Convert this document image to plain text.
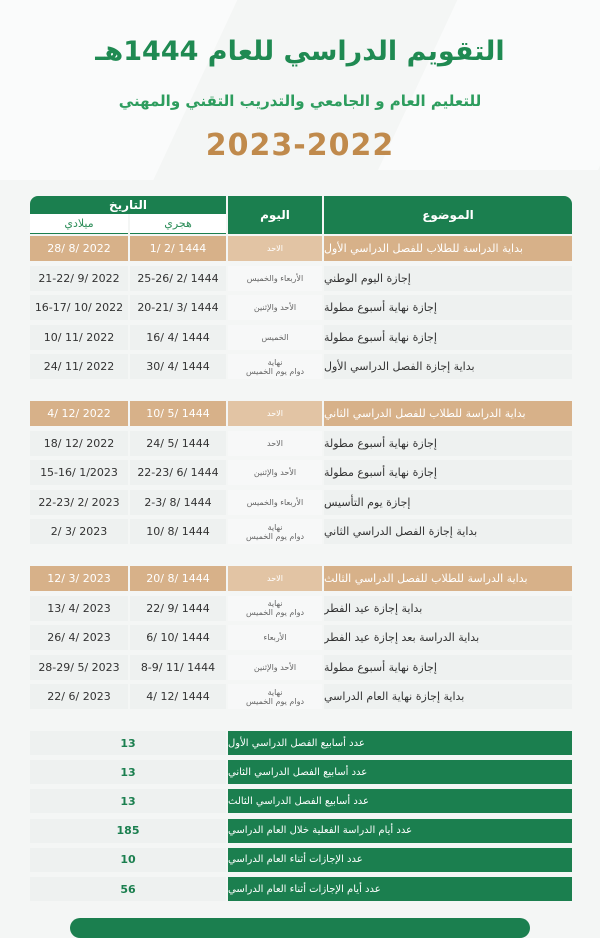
التقويم الدراسي للعام 1444هـ
للتعليم العام و الجامعي والتدريب التقني والمهني
2023-2022
الموضوع
اليوم
التاريخ
هجري
ميلادي
بداية الدراسة للطلاب للفصل الدراسي الأول
الاحد
1/ 2/ 1444
28/ 8/ 2022
إجازة اليوم الوطني
الأربعاء والخميس
25-26/ 2/ 1444
21-22/ 9/ 2022
إجازة نهاية أسبوع مطولة
الأحد والإثنين
20-21/ 3/ 1444
16-17/ 10/ 2022
إجازة نهاية أسبوع مطولة
الخميس
16/ 4/ 1444
10/ 11/ 2022
بداية إجازة الفصل الدراسي الأول
نهاية
دوام يوم الخميس
30/ 4/ 1444
24/ 11/ 2022
بداية الدراسة للطلاب للفصل الدراسي الثاني
الاحد
10/ 5/ 1444
4/ 12/ 2022
إجازة نهاية أسبوع مطولة
الاحد
24/ 5/ 1444
18/ 12/ 2022
إجازة نهاية أسبوع مطولة
الأحد والإثنين
22-23/ 6/ 1444
15-16/ 1/2023
إجازة يوم التأسيس
الأربعاء والخميس
2-3/ 8/ 1444
22-23/ 2/ 2023
بداية إجازة الفصل الدراسي الثاني
نهاية
دوام يوم الخميس
10/ 8/ 1444
2/ 3/ 2023
بداية الدراسة للطلاب للفصل الدراسي الثالث
الاحد
20/ 8/ 1444
12/ 3/ 2023
بداية إجازة عيد الفطر
نهاية
دوام يوم الخميس
22/ 9/ 1444
13/ 4/ 2023
بداية الدراسة بعد إجازة عيد الفطر
الأربعاء
6/ 10/ 1444
26/ 4/ 2023
إجازة نهاية أسبوع مطولة
الأحد والإثنين
8-9/ 11/ 1444
28-29/ 5/ 2023
بداية إجازة نهاية العام الدراسي
نهاية
دوام يوم الخميس
4/ 12/ 1444
22/ 6/ 2023
عدد أسابيع الفصل الدراسي الأول
13
عدد أسابيع الفصل الدراسي الثاني
13
عدد أسابيع الفصل الدراسي الثالث
13
عدد أيام الدراسة الفعلية خلال العام الدراسي
185
عدد الإجازات أثناء العام الدراسي
10
عدد أيام الإجازات أثناء العام الدراسي
56
